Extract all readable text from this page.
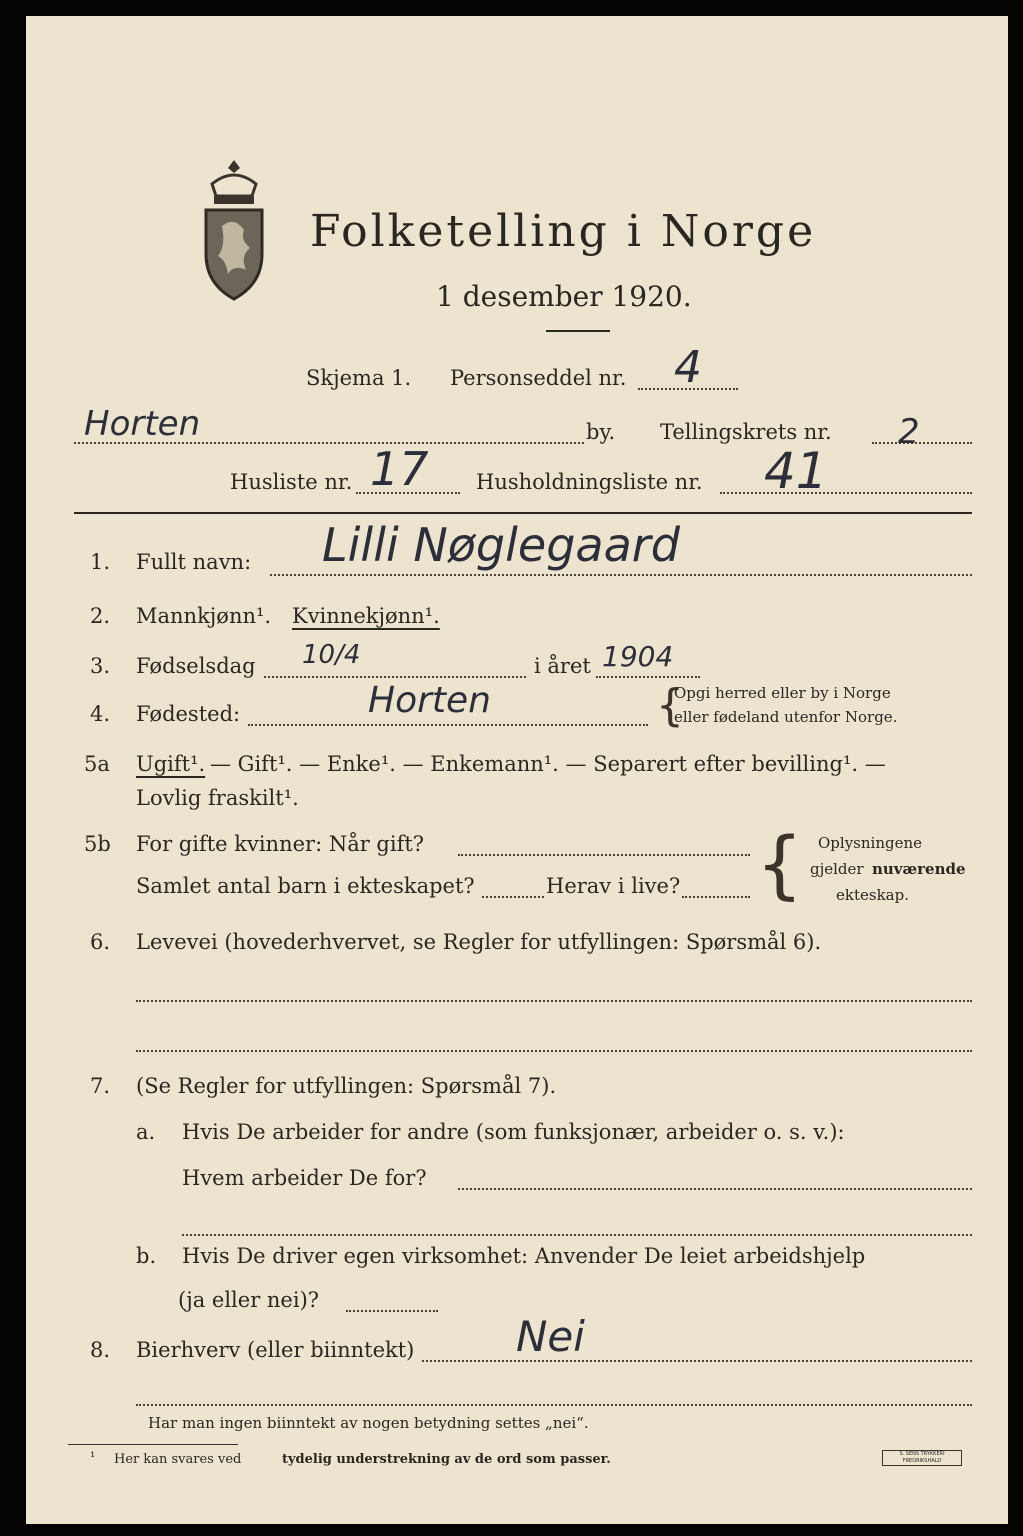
Folketelling i Norge
1 desember 1920.
Skjema 1. Personseddel nr. 4
Horten	by. Tellingskrets nr. 2
Husliste nr. 17 Husholdningsliste nr. 41
1. Fullt navn: Lilli Nøglegaard
2. Mannkjønn¹. Kvinnekjønn¹.
3. Fødselsdag 10/4	i året 1904
4. Fødested:	Horten	{
Opgi herred eller by i Norge
eller fødeland utenfor Norge.
5a Ugift¹. — Gift¹. — Enke¹. — Enkemann¹. — Separert efter bevilling¹. —
Lovlig fraskilt¹.
5b For gifte kvinner: Når gift?
Samlet antal barn i ekteskapet?	Herav i live? { Oplysningene
gjelder nuværende
ekteskap.
6. Levevei (hovederhvervet, se Regler for utfyllingen: Spørsmål 6).
7. (Se Regler for utfyllingen: Spørsmål 7).
a. Hvis De arbeider for andre (som funksjonær, arbeider o. s. v.):
Hvem arbeider De for?
b. Hvis De driver egen virksomhet: Anvender De leiet arbeidshjelp
(ja eller nei)?
8. Bierhverv (eller biinntekt) Nei
Har man ingen biinntekt av nogen betydning settes „nei“.
¹ Her kan svares ved	tydelig understrekning av de ord som passer.	S. SENS TRYKKERI FREDRIKSHALD
